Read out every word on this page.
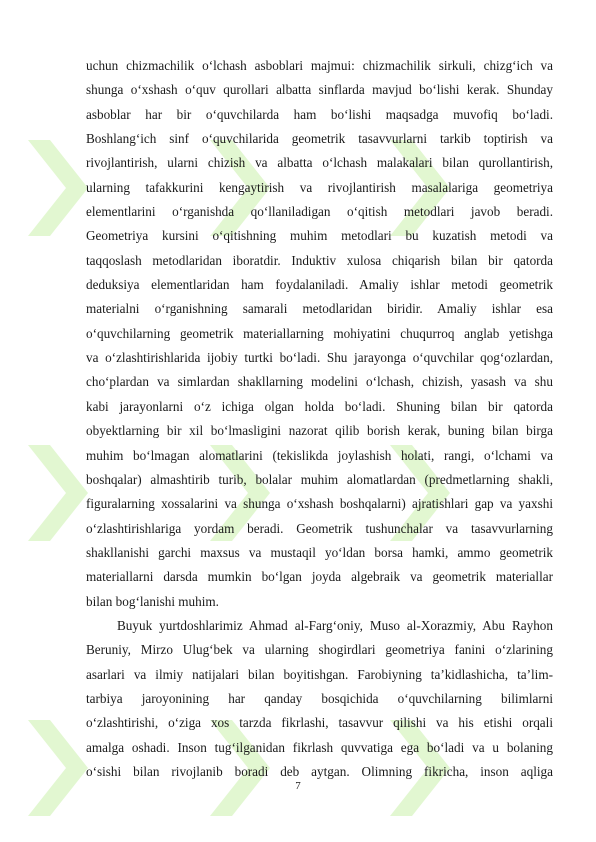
uchun chizmachilik oʻlchash asboblari majmui: chizmachilik sirkuli, chizgʻich va
shunga oʻxshash oʻquv qurollari albatta sinflarda mavjud boʻlishi kerak. Shunday
asboblar har bir oʻquvchilarda ham boʻlishi maqsadga muvofiq boʻladi.
Boshlangʻich sinf oʻquvchilarida geometrik tasavvurlarni tarkib toptirish va
rivojlantirish, ularni chizish va albatta oʻlchash malakalari bilan qurollantirish,
ularning tafakkurini kengaytirish va rivojlantirish masalalariga geometriya
elementlarini oʻrganishda qoʻllaniladigan oʻqitish metodlari javob beradi.
Geometriya kursini oʻqitishning muhim metodlari bu kuzatish metodi va
taqqoslash metodlaridan iboratdir. Induktiv xulosa chiqarish bilan bir qatorda
deduksiya elementlaridan ham foydalaniladi. Amaliy ishlar metodi geometrik
materialni oʻrganishning samarali metodlaridan biridir. Amaliy ishlar esa
oʻquvchilarning geometrik materiallarning mohiyatini chuqurroq anglab yetishga
va oʻzlashtirishlarida ijobiy turtki boʻladi. Shu jarayonga oʻquvchilar qogʻozlardan,
choʻplardan va simlardan shakllarning modelini oʻlchash, chizish, yasash va shu
kabi jarayonlarni oʻz ichiga olgan holda boʻladi. Shuning bilan bir qatorda
obyektlarning bir xil boʻlmasligini nazorat qilib borish kerak, buning bilan birga
muhim boʻlmagan alomatlarini (tekislikda joylashish holati, rangi, oʻlchami va
boshqalar) almashtirib turib, bolalar muhim alomatlardan (predmetlarning shakli,
figuralarning xossalarini va shunga oʻxshash boshqalarni) ajratishlari gap va yaxshi
oʻzlashtirishlariga yordam beradi. Geometrik tushunchalar va tasavvurlarning
shakllanishi garchi maxsus va mustaqil yoʻldan borsa hamki, ammo geometrik
materiallarni darsda mumkin boʻlgan joyda algebraik va geometrik materiallar
bilan bogʻlanishi muhim.
Buyuk yurtdoshlarimiz Ahmad al-Fargʻoniy, Muso al-Xorazmiy, Abu Rayhon
Beruniy, Mirzo Ulugʻbek va ularning shogirdlari geometriya fanini oʻzlarining
asarlari va ilmiy natijalari bilan boyitishgan. Farobiyning taʼkidlashicha, taʼlim-
tarbiya jaroyonining har qanday bosqichida oʻquvchilarning bilimlarni
oʻzlashtirishi, oʻziga xos tarzda fikrlashi, tasavvur qilishi va his etishi orqali
amalga oshadi. Inson tugʻilganidan fikrlash quvvatiga ega boʻladi va u bolaning
oʻsishi bilan rivojlanib boradi deb aytgan. Olimning fikricha, inson aqliga
7
